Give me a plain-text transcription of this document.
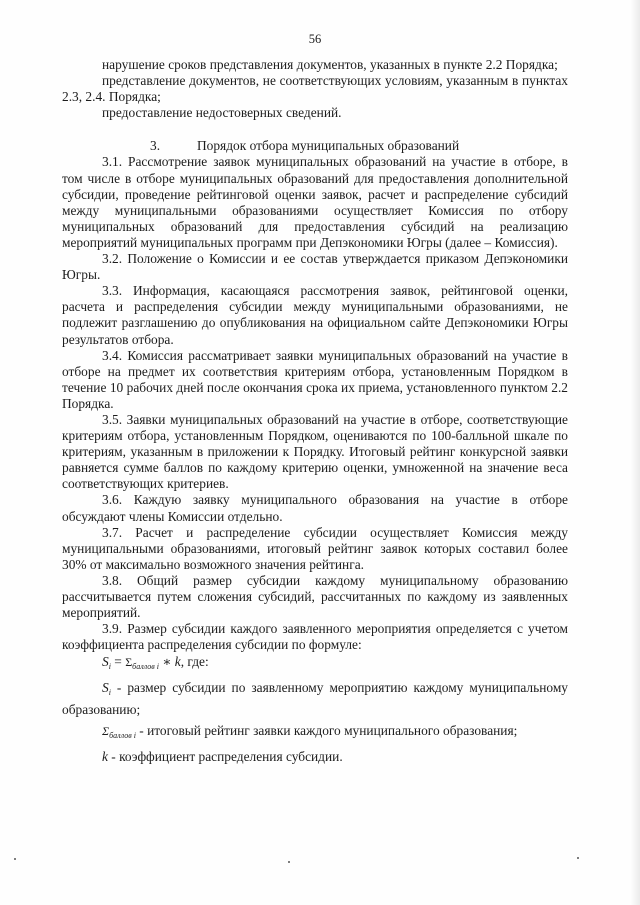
56

нарушение сроков представления документов, указанных в пункте 2.2 Порядка;

представление документов, не соответствующих условиям, указанным в пунктах 2.3, 2.4. Порядка;

предоставление недостоверных сведений.

3.	Порядок отбора муниципальных образований

3.1. Рассмотрение заявок муниципальных образований на участие в отборе, в том числе в отборе муниципальных образований для предоставления дополнительной субсидии, проведение рейтинговой оценки заявок, расчет и распределение субсидий между муниципальными образованиями осуществляет Комиссия по отбору муниципальных образований для предоставления субсидий на реализацию мероприятий муниципальных программ при Депэкономики Югры (далее – Комиссия).

3.2. Положение о Комиссии и ее состав утверждается приказом Депэкономики Югры.

3.3. Информация, касающаяся рассмотрения заявок, рейтинговой оценки, расчета и распределения субсидии между муниципальными образованиями, не подлежит разглашению до опубликования на официальном сайте Депэкономики Югры результатов отбора.

3.4. Комиссия рассматривает заявки муниципальных образований на участие в отборе на предмет их соответствия критериям отбора, установленным Порядком в течение 10 рабочих дней после окончания срока их приема, установленного пунктом 2.2 Порядка.

3.5. Заявки муниципальных образований на участие в отборе, соответствующие критериям отбора, установленным Порядком, оцениваются по 100-балльной шкале по критериям, указанным в приложении к Порядку. Итоговый рейтинг конкурсной заявки равняется сумме баллов по каждому критерию оценки, умноженной на значение веса соответствующих критериев.

3.6. Каждую заявку муниципального образования на участие в отборе обсуждают члены Комиссии отдельно.

3.7. Расчет и распределение субсидии осуществляет Комиссия между муниципальными образованиями, итоговый рейтинг заявок которых составил более 30% от максимально возможного значения рейтинга.

3.8. Общий размер субсидии каждому муниципальному образованию рассчитывается путем сложения субсидий, рассчитанных по каждому из заявленных мероприятий.

3.9. Размер субсидии каждого заявленного мероприятия определяется с учетом коэффициента распределения субсидии по формуле:

$S_i = \Sigma_{баллов i}$ ∗ k, где:

$S_i$ - размер субсидии по заявленному мероприятию каждому муниципальному образованию;

$\Sigma_{баллов i}$ - итоговый рейтинг заявки каждого муниципального образования;

k - коэффициент распределения субсидии.
